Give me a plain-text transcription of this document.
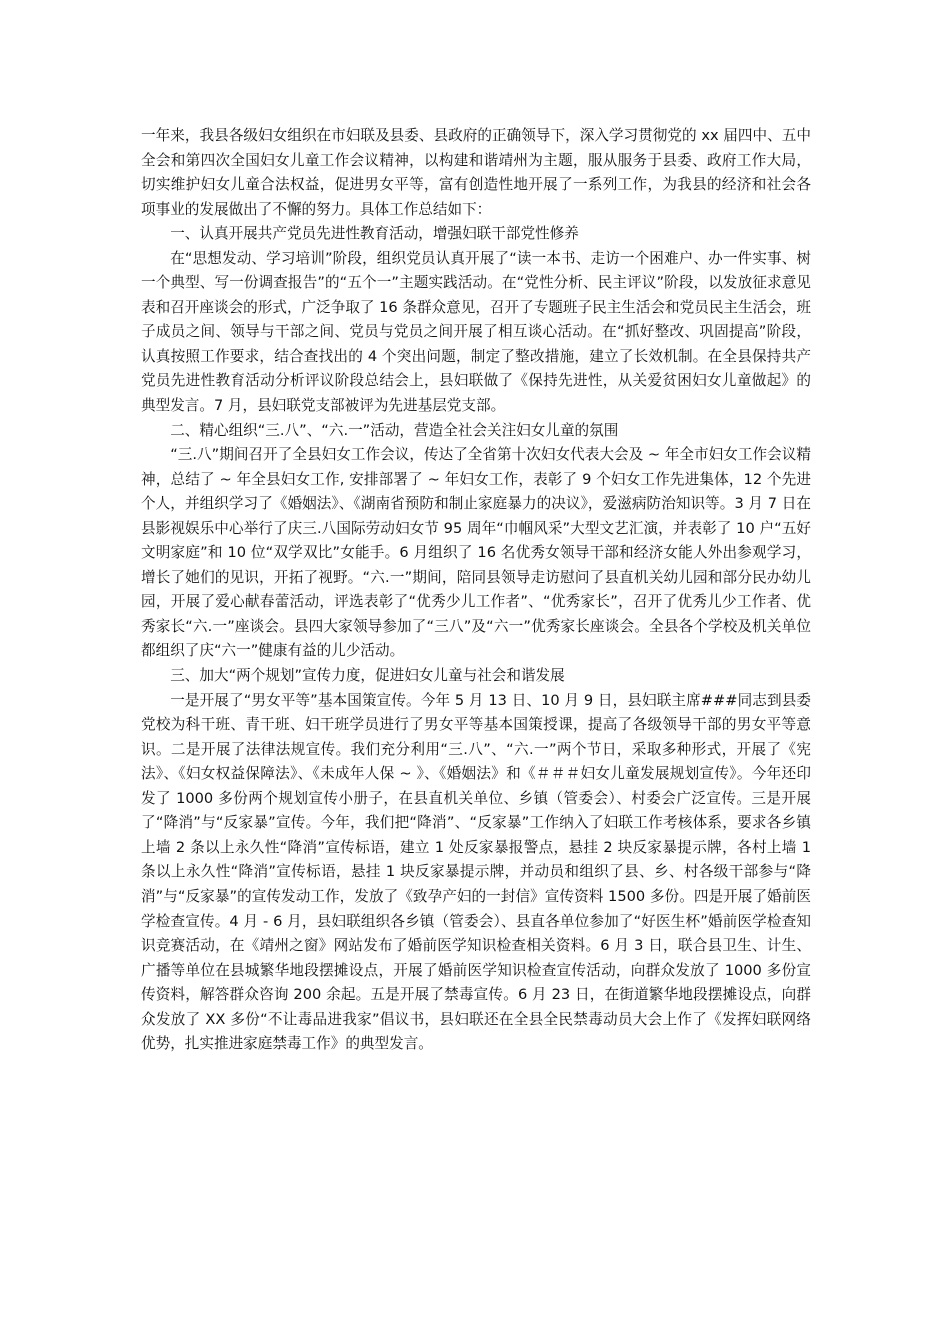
一年来，我县各级妇女组织在市妇联及县委、县政府的正确领导下，深入学习贯彻党的 xx 届四中、五中全会和第四次全国妇女儿童工作会议精神，以构建和谐靖州为主题，服从服务于县委、政府工作大局，切实维护妇女儿童合法权益，促进男女平等，富有创造性地开展了一系列工作，为我县的经济和社会各项事业的发展做出了不懈的努力。具体工作总结如下：

一、认真开展共产党员先进性教育活动，增强妇联干部党性修养

在“思想发动、学习培训”阶段，组织党员认真开展了“读一本书、走访一个困难户、办一件实事、树一个典型、写一份调查报告”的“五个一”主题实践活动。在“党性分析、民主评议”阶段，以发放征求意见表和召开座谈会的形式，广泛争取了 16 条群众意见，召开了专题班子民主生活会和党员民主生活会，班子成员之间、领导与干部之间、党员与党员之间开展了相互谈心活动。在“抓好整改、巩固提高”阶段，认真按照工作要求，结合查找出的 4 个突出问题，制定了整改措施，建立了长效机制。在全县保持共产党员先进性教育活动分析评议阶段总结会上，县妇联做了《保持先进性，从关爱贫困妇女儿童做起》的典型发言。7 月，县妇联党支部被评为先进基层党支部。

二、精心组织“三.八”、“六.一”活动，营造全社会关注妇女儿童的氛围

“三.八”期间召开了全县妇女工作会议，传达了全省第十次妇女代表大会及 ~ 年全市妇女工作会议精神，总结了 ~ 年全县妇女工作, 安排部署了 ~ 年妇女工作，表彰了 9 个妇女工作先进集体，12 个先进个人，并组织学习了《婚姻法》、《湖南省预防和制止家庭暴力的决议》，爱滋病防治知识等。3 月 7 日在县影视娱乐中心举行了庆三.八国际劳动妇女节 95 周年“巾帼风采”大型文艺汇演，并表彰了 10 户“五好文明家庭”和 10 位“双学双比”女能手。6 月组织了 16 名优秀女领导干部和经济女能人外出参观学习，增长了她们的见识，开拓了视野。“六.一”期间，陪同县领导走访慰问了县直机关幼儿园和部分民办幼儿园，开展了爱心献春蕾活动，评选表彰了“优秀少儿工作者”、“优秀家长”，召开了优秀儿少工作者、优秀家长“六.一”座谈会。县四大家领导参加了“三八”及“六一”优秀家长座谈会。全县各个学校及机关单位都组织了庆“六一”健康有益的儿少活动。

三、加大“两个规划”宣传力度，促进妇女儿童与社会和谐发展

一是开展了“男女平等”基本国策宣传。今年 5 月 13 日、10 月 9 日，县妇联主席###同志到县委党校为科干班、青干班、妇干班学员进行了男女平等基本国策授课，提高了各级领导干部的男女平等意识。二是开展了法律法规宣传。我们充分利用“三.八”、“六.一”两个节日，采取多种形式，开展了《宪法》、《妇女权益保障法》、《未成年人保 ~ 》、《婚姻法》和《＃＃＃妇女儿童发展规划宣传》。今年还印发了 1000 多份两个规划宣传小册子，在县直机关单位、乡镇（管委会）、村委会广泛宣传。三是开展了“降消”与“反家暴”宣传。今年，我们把“降消”、“反家暴”工作纳入了妇联工作考核体系，要求各乡镇上墙 2 条以上永久性“降消”宣传标语，建立 1 处反家暴报警点，悬挂 2 块反家暴提示牌，各村上墙 1 条以上永久性“降消”宣传标语，悬挂 1 块反家暴提示牌，并动员和组织了县、乡、村各级干部参与“降消”与“反家暴”的宣传发动工作，发放了《致孕产妇的一封信》宣传资料 1500 多份。四是开展了婚前医学检查宣传。4 月 - 6 月，县妇联组织各乡镇（管委会）、县直各单位参加了“好医生杯”婚前医学检查知识竞赛活动，在《靖州之窗》网站发布了婚前医学知识检查相关资料。6 月 3 日，联合县卫生、计生、广播等单位在县城繁华地段摆摊设点，开展了婚前医学知识检查宣传活动，向群众发放了 1000 多份宣传资料，解答群众咨询 200 余起。五是开展了禁毒宣传。6 月 23 日，在街道繁华地段摆摊设点，向群众发放了 XX 多份“不让毒品进我家”倡议书，县妇联还在全县全民禁毒动员大会上作了《发挥妇联网络优势，扎实推进家庭禁毒工作》的典型发言。
